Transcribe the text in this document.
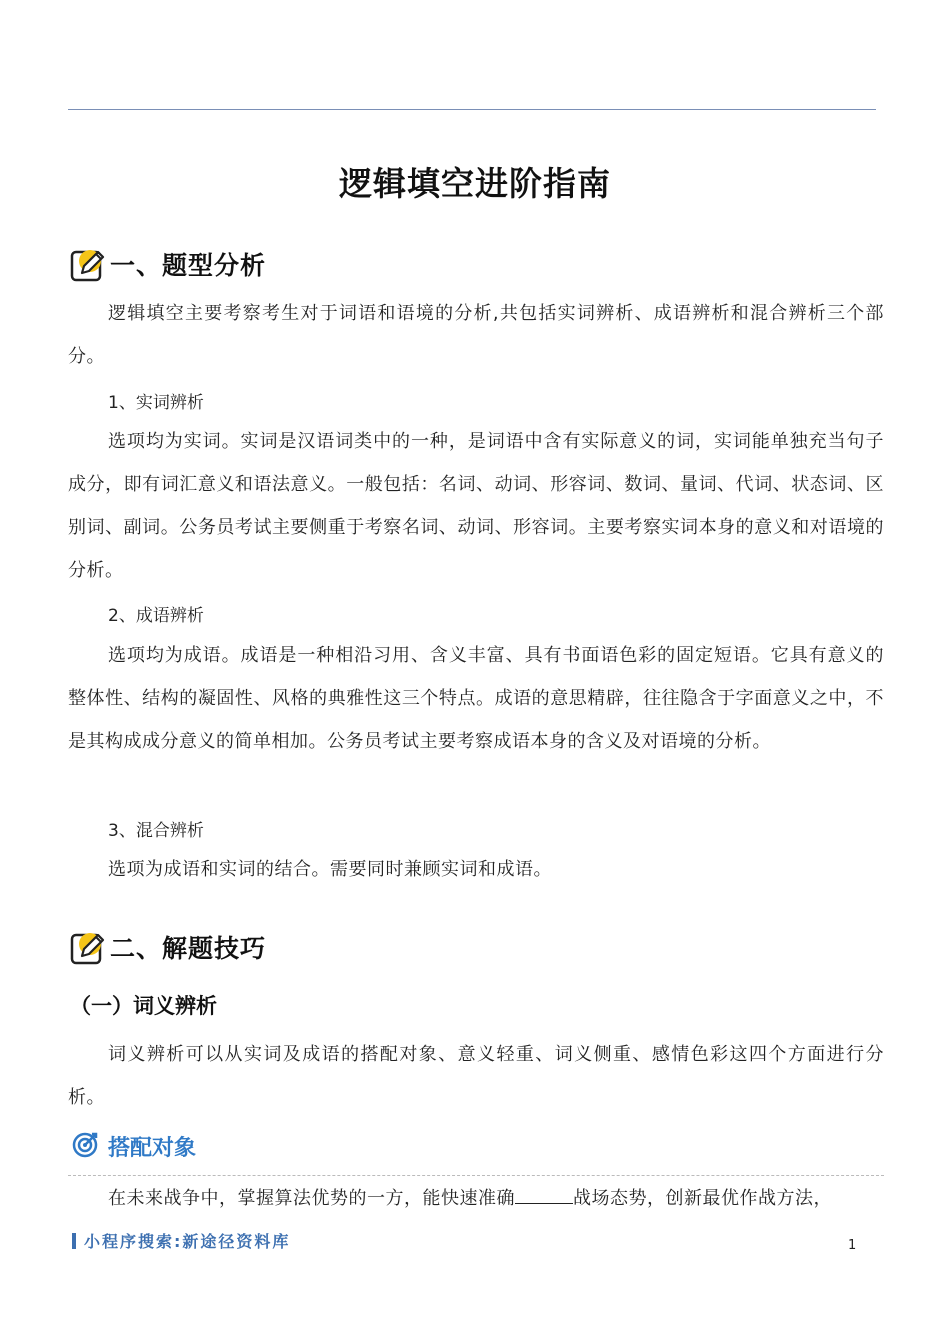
逻辑填空进阶指南
一、题型分析

逻辑填空主要考察考生对于词语和语境的分析,共包括实词辨析、成语辨析和混合辨析三个部分。

1、实词辨析

选项均为实词。实词是汉语词类中的一种，是词语中含有实际意义的词，实词能单独充当句子成分，即有词汇意义和语法意义。一般包括：名词、动词、形容词、数词、量词、代词、状态词、区别词、副词。公务员考试主要侧重于考察名词、动词、形容词。主要考察实词本身的意义和对语境的分析。

2、成语辨析

选项均为成语。成语是一种相沿习用、含义丰富、具有书面语色彩的固定短语。它具有意义的整体性、结构的凝固性、风格的典雅性这三个特点。成语的意思精辟，往往隐含于字面意义之中，不是其构成成分意义的简单相加。公务员考试主要考察成语本身的含义及对语境的分析。

3、混合辨析

选项为成语和实词的结合。需要同时兼顾实词和成语。

二、解题技巧
（一）词义辨析

词义辨析可以从实词及成语的搭配对象、意义轻重、词义侧重、感情色彩这四个方面进行分析。

搭配对象

在未来战争中，掌握算法优势的一方，能快速准确	战场态势，创新最优作战方法，

小程序搜索:新途径资料库	1
